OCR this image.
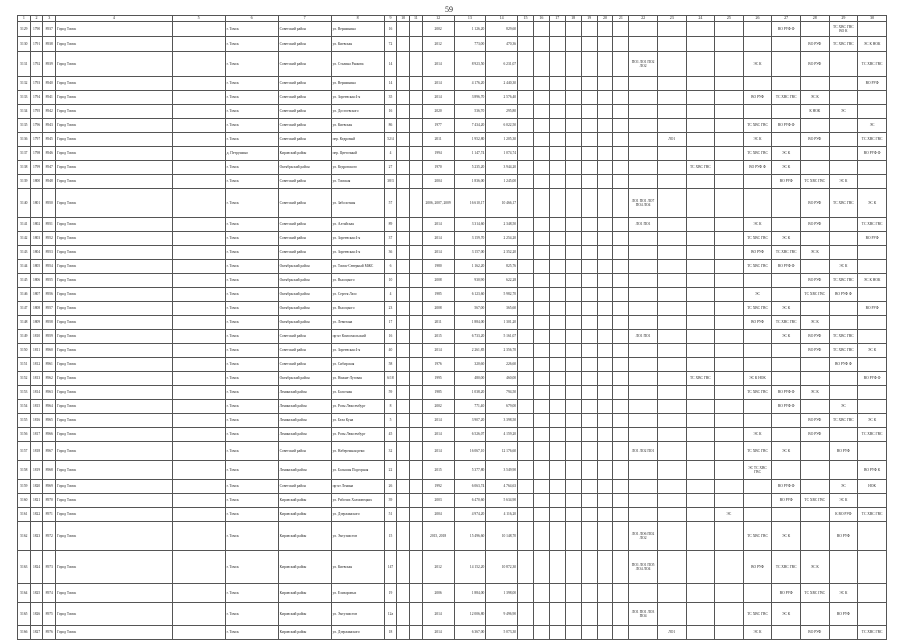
59
1	2	3	4	5	6	7	8	9	10	11	12	13	14	15	16	17	18	19	20	21	22	23	24	25	26	27	28	29	30
5129	1790	8937	Город Томск		г. Томск	Советский район	ул. Вершинина	16			2002	1 126,20	829,60													ВО РУФ Ф		ТС ХВС ГВС ВО К	
5130	1791	8938	Город Томск		г. Томск	Советский район	ул. Киевская	72			2012	773,00	470,36														ВО РУФ	ТС ХВС ГВС	ЭС К НОК
5131	1792	8939	Город Томск		г. Томск	Советский район	ул. Сталина Рыжова	14			2014	8 923,50	6 231,07								ПО1 ЛО1 ПО2 ЛО2				ЭС К		ВО РУФ		ТС ХВС ГВС
5132	1793	8940	Город Томск		г. Томск	Советский район	ул. Вершинина	14			2014	4 176,20	2 440,30																ВО РУФ
5133	1794	8941	Город Томск		г. Томск	Советский район	ул. Зореевская 4-я	35			2014	3 896,70	2 576,40												ВО РУФ	ТС ХВС ГВС	ЭС К		
5134	1795	8942	Город Томск		г. Томск	Советский район	ул. Достоевского	16			2020	536,70	295,80														К НОК	ЭС	
5135	1796	8943	Город Томск		г. Томск	Советский район	ул. Киевская	86			1977	7 434,20	6 022,50												ТС ХВС ГВС	ВО РУФ Ф			ЭС
5136	1797	8945	Город Томск		г. Томск	Советский район	пер. Кедровый	52/4			2011	1 952,80	1 205,30									ЛО1			ЭС К		ВО РУФ		ТС ХВС ГВС
5137	1798	8946	Город Томск		д. Петрушино	Кировский район	пер. Цветочный	4			1994	1 147,74	1 074,74												ТС ХВС ГВС	ЭС К			ВО РУФ Ф
5138	1799	8947	Город Томск		г. Томск	Октябрьский район	ул. Кедровского	27			1970	5 235,20	3 944,20										ТС ХВС ГВС		ВО РУФ Ф	ЭС К			
5139	1800	8948	Город Томск		г. Томск	Советский район	ул. Томская	38/3			2004	1 836,00	1 245,00													ВО РУФ	ТС ХВС ГВС	ЭС К	
5140	1801	8950	Город Томск		г. Томск	Советский район	ул. Заболотная	57			2006, 2007, 2009	16 610,17	10 466,17								ЛО1 ПО1 ЛО7 ПО4 ЛО4						ВО РУФ	ТС ХВС ГВС	ЭС К
5141	1802	8951	Город Томск		г. Томск	Советский район	ул. Алтайская	89			2014	3 314,60	2 348,50								ЛО1 ПО1				ЭС К		ВО РУФ		ТС ХВС ГВС
5142	1803	8952	Город Томск		г. Томск	Советский район	ул. Зореевская 4-я	37			2014	3 159,70	2 254,20												ТС ХВС ГВС	ЭС К			ВО РУФ
5143	1804	8953	Город Томск		г. Томск	Советский район	ул. Зореевская 4-я	36			2014	3 157,00	2 352,20												ВО РУФ	ТС ХВС ГВС	ЭС К		
5144	1805	8954	Город Томск		г. Томск	Октябрьский район	ул. Томск-Северный МЖС	6			1980	1 162,20	825,76												ТС ХВС ГВС	ВО РУФ Ф		ЭС К	
5145	1806	8955	Город Томск		г. Томск	Октябрьский район	ул. Высоцкого	10			2008	930,90	622,28														ВО РУФ	ТС ХВС ГВС	ЭС К НОК
5146	1807	8956	Город Томск		г. Томск	Октябрьский район	ул. Сергея Лазо	4			1985	6 123,60	5 982,70												ЭС		ТС ХВС ГВС	ВО РУФ Ф	
5147	1808	8957	Город Томск		г. Томск	Октябрьский район	ул. Высоцкого	23			2008	567,00	365,60												ТС ХВС ГВС	ЭС К			ВО РУФ
5148	1809	8958	Город Томск		г. Томск	Октябрьский район	ул. Левитана	17			2011	1 884,00	1 301,20												ВО РУФ	ТС ХВС ГВС	ЭС К		
5149	1810	8959	Город Томск		г. Томск	Советский район	пр-кт Комсомольский	16			2015	6 733,20	5 161,07								ЛО1 ПО1					ЭС К	ВО РУФ	ТС ХВС ГВС	
5150	1811	8960	Город Томск		г. Томск	Советский район	ул. Зореевская 4-я	40			2014	2 261,85	2 356,70														ВО РУФ	ТС ХВС ГВС	ЭС К
5151	1812	8961	Город Томск		г. Томск	Советский район	ул. Сибирская	58			1976	320,60	226,60															ВО РУФ Ф	
5152	1813	8962	Город Томск		г. Томск	Октябрьский район	ул. Нижне-Луговая	6/18			1995	480,00	460,00										ТС ХВС ГВС		ЭС К НОК				ВО РУФ Ф
5153	1814	8963	Город Томск		г. Томск	Ленинский район	ул. Болотная	59			1985	1 038,20	794,50												ТС ХВС ГВС	ВО РУФ Ф	ЭС К		
5154	1815	8964	Город Томск		г. Томск	Ленинский район	ул. Розы Люксембург	8			2002	771,40	679,00													ВО РУФ Ф		ЭС	
5155	1816	8965	Город Томск		г. Томск	Ленинский район	ул. Бела Куна	5			2014	3 907,20	3 398,50														ВО РУФ	ТС ХВС ГВС	ЭС К
5156	1817	8966	Город Томск		г. Томск	Ленинский район	ул. Розы Люксембург	45			2014	6 526,07	4 159,20												ЭС К		ВО РУФ		ТС ХВС ГВС
5157	1818	8967	Город Томск		г. Томск	Советский район	ул. Набережная реки	32			2014	16 067,10	12 176,60								ЛО1 ЛО2 ПО1				ТС ХВС ГВС	ЭС К		ВО РУФ	
5158	1819	8968	Город Томск		г. Томск	Ленинский район	ул. Большая Подгорная	22			2015	5 377,80	3 549,90												ЭС ТС ХВС ГВС				ВО РУФ К
5159	1820	8969	Город Томск		г. Томск	Советский район	пр-кт Ленина	26			1992	6 063,74	4 764,63													ВО РУФ Ф		ЭС	НОК
5160	1821	8970	Город Томск		г. Томск	Кировский район	ул. Рабочих Холмовецких	39			2003	6 470,60	5 634,90													ВО РУФ	ТС ХВС ГВС	ЭС К	
5161	1822	8971	Город Томск		г. Томск	Кировский район	ул. Дзержинского	51			2004	4 974,20	4 116,20											ЭС				К ВО РУФ	ТС ХВС ГВС
5162	1823	8972	Город Томск		г. Томск	Кировский район	ул. Энтузиастов	15			2015, 2018	15 496,60	10 148,70								ЛО1 ЛО6 ПО2 ЛО2				ТС ХВС ГВС	ЭС К		ВО РУФ	
5163	1824	8973	Город Томск		г. Томск	Кировский район	ул. Киевская	147			2012	14 152,20	10 872,30								ПО1 ЛО1 ПО5 ЛО4 ЛО4				ВО РУФ	ТС ХВС ГВС	ЭС К		
5164	1825	8974	Город Томск		г. Томск	Кировский район	ул. Елизаровых	19			2006	1 884,00	1 398,00													ВО РУФ	ТС ХВС ГВС	ЭС К	
5165	1826	8975	Город Томск		г. Томск	Кировский район	ул. Энтузиастов	12а			2014	12 006,80	9 496,90								ЛО1 ПО1 ЛО3 ПО4				ТС ХВС ГВС	ЭС К		ВО РУФ	
5166	1827	8976	Город Томск		г. Томск	Кировский район	ул. Дзержинского	18			2014	6 367,00	5 073,30									ЛО1			ЭС К		ВО РУФ		ТС ХВС ГВС
